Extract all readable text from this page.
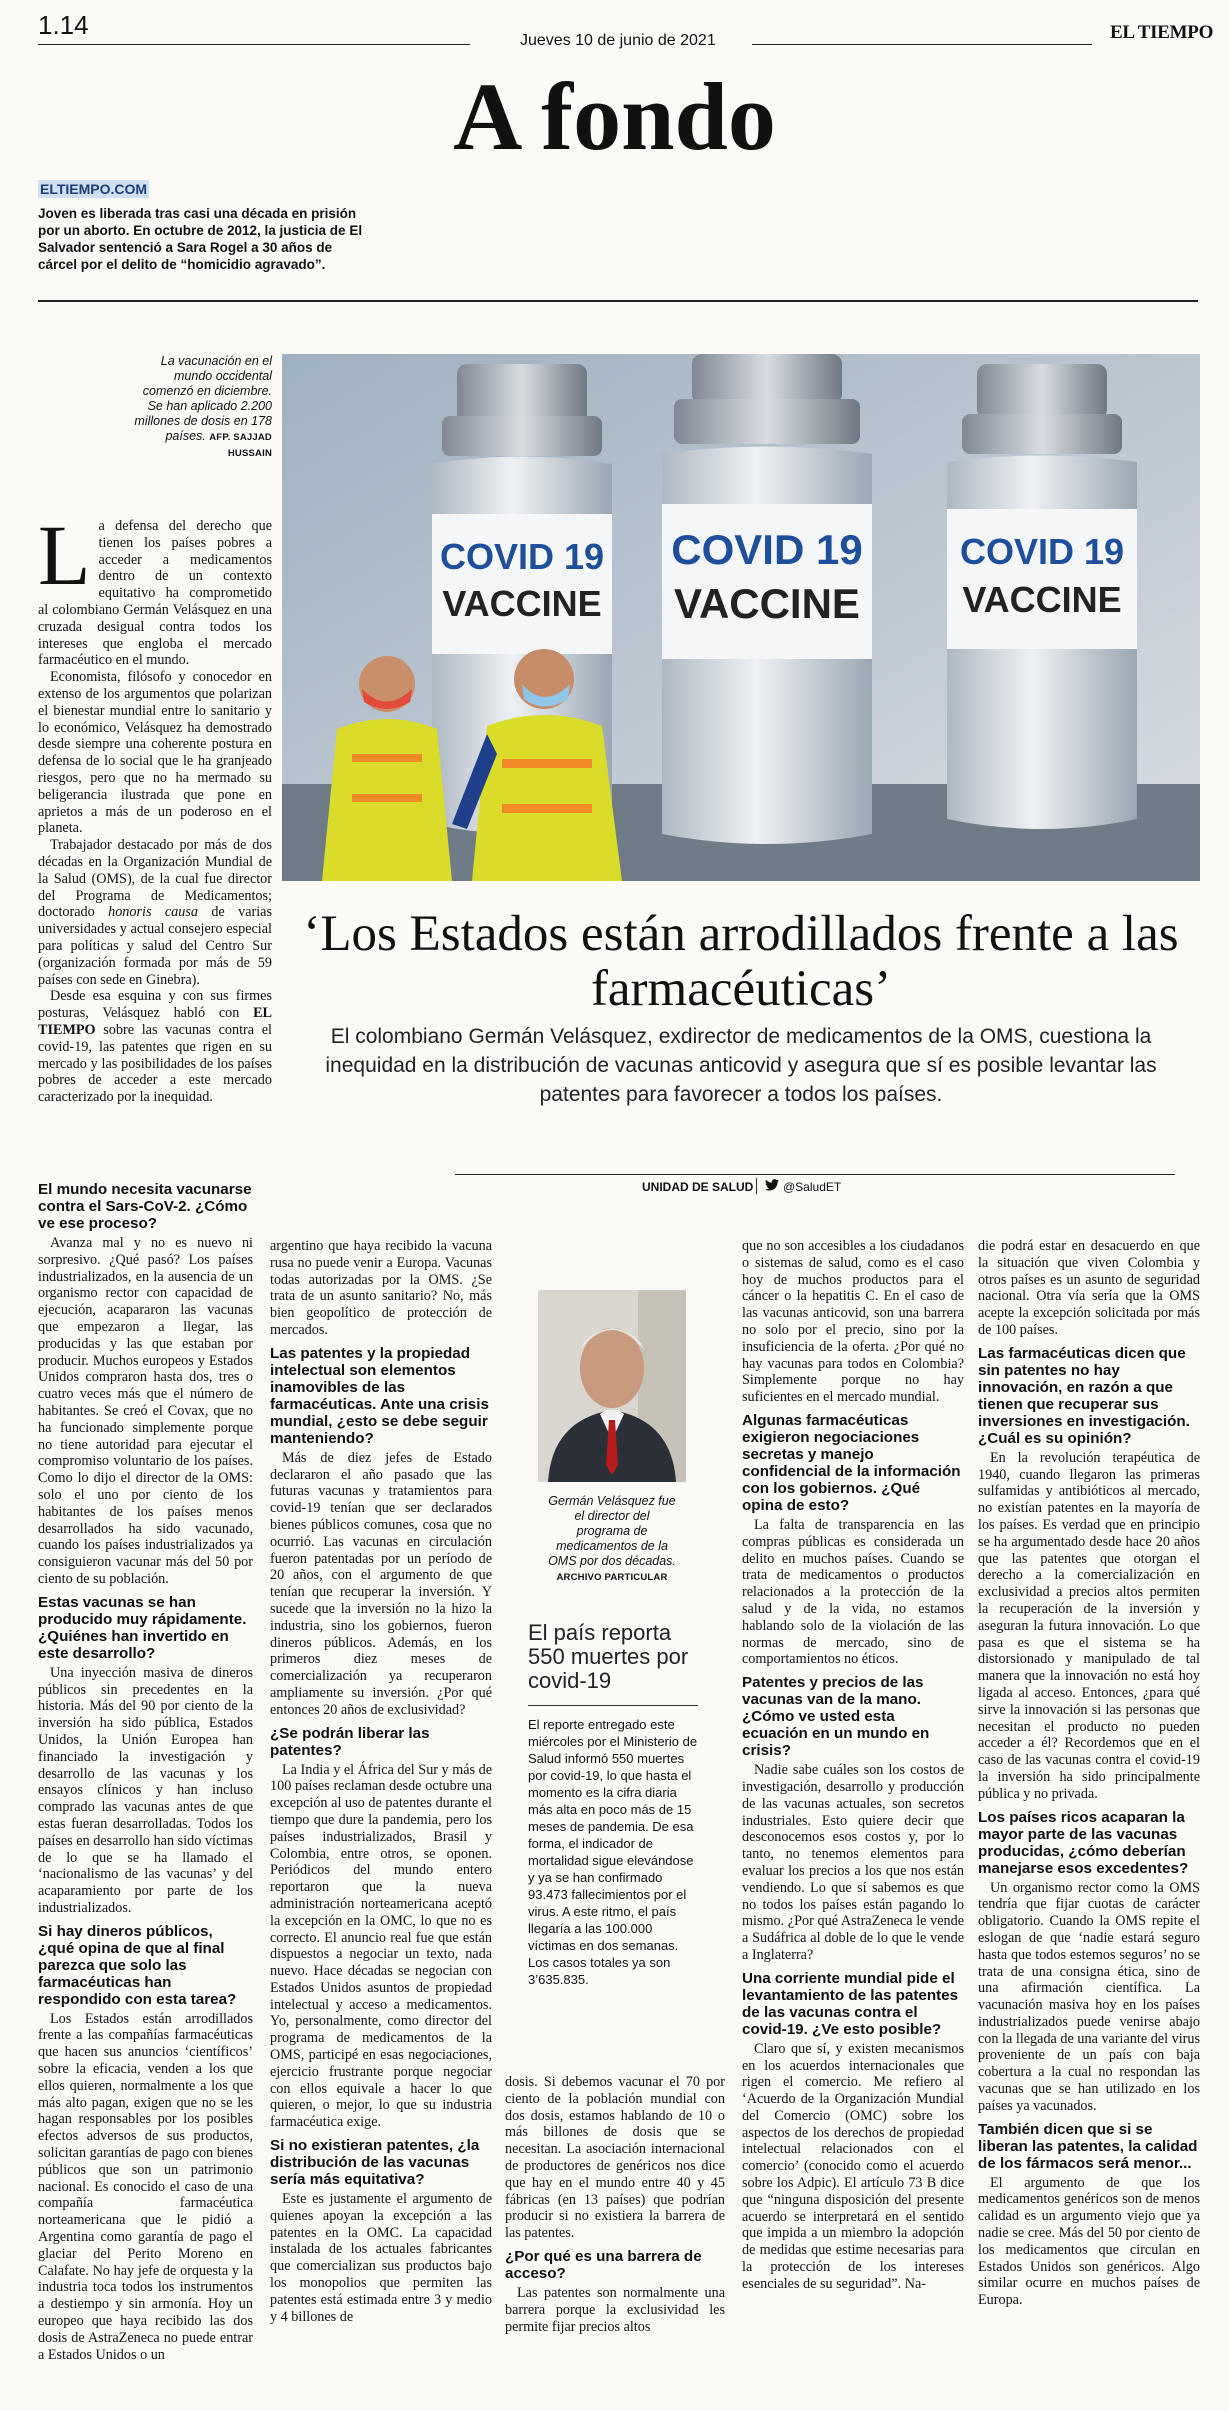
1.14
Jueves 10 de junio de 2021	EL TIEMPO
A fondo
ELTIEMPO.COM
Joven es liberada tras casi una década en prisión por un aborto. En octubre de 2012, la justicia de El Salvador sentenció a Sara Rogel a 30 años de cárcel por el delito de “homicidio agravado”.
La vacunación en el mundo occidental comenzó en diciembre. Se han aplicado 2.200 millones de dosis en 178 países. AFP. SAJJAD HUSSAIN
COVID 19
VACCINE
COVID 19
VACCINE
COVID 19
VACCINE
‘Los Estados están arrodillados frente a las farmacéuticas’
El colombiano Germán Velásquez, exdirector de medicamentos de la OMS, cuestiona la inequidad en la distribución de vacunas anticovid y asegura que sí es posible levantar las patentes para favorecer a todos los países.
UNIDAD DE SALUD	@SaludET

La defensa del derecho que tienen los países pobres a acceder a medicamentos dentro de un contexto equitativo ha comprometido al colombiano Germán Velásquez en una cruzada desigual contra todos los intereses que engloba el mercado farmacéutico en el mundo.

Economista, filósofo y conocedor en extenso de los argumentos que polarizan el bienestar mundial entre lo sanitario y lo económico, Velásquez ha demostrado desde siempre una coherente postura en defensa de lo social que le ha granjeado riesgos, pero que no ha mermado su beligerancia ilustrada que pone en aprietos a más de un poderoso en el planeta.

Trabajador destacado por más de dos décadas en la Organización Mundial de la Salud (OMS), de la cual fue director del Programa de Medicamentos; doctorado honoris causa de varias universidades y actual consejero especial para políticas y salud del Centro Sur (organización formada por más de 59 países con sede en Ginebra).

Desde esa esquina y con sus firmes posturas, Velásquez habló con EL TIEMPO sobre las vacunas contra el covid-19, las patentes que rigen en su mercado y las posibilidades de los países pobres de acceder a este mercado caracterizado por la inequidad.

El mundo necesita vacunarse contra el Sars-CoV-2. ¿Cómo ve ese proceso?

Avanza mal y no es nuevo ni sorpresivo. ¿Qué pasó? Los países industrializados, en la ausencia de un organismo rector con capacidad de ejecución, acapararon las vacunas que empezaron a llegar, las producidas y las que estaban por producir. Muchos europeos y Estados Unidos compraron hasta dos, tres o cuatro veces más que el número de habitantes. Se creó el Covax, que no ha funcionado simplemente porque no tiene autoridad para ejecutar el compromiso voluntario de los países. Como lo dijo el director de la OMS: solo el uno por ciento de los habitantes de los países menos desarrollados ha sido vacunado, cuando los países industrializados ya consiguieron vacunar más del 50 por ciento de su población.

Estas vacunas se han producido muy rápidamente. ¿Quiénes han invertido en este desarrollo?

Una inyección masiva de dineros públicos sin precedentes en la historia. Más del 90 por ciento de la inversión ha sido pública, Estados Unidos, la Unión Europea han financiado la investigación y desarrollo de las vacunas y los ensayos clínicos y han incluso comprado las vacunas antes de que estas fueran desarrolladas. Todos los países en desarrollo han sido víctimas de lo que se ha llamado el ‘nacionalismo de las vacunas’ y del acaparamiento por parte de los industrializados.

Si hay dineros públicos, ¿qué opina de que al final parezca que solo las farmacéuticas han respondido con esta tarea?

Los Estados están arrodillados frente a las compañías farmacéuticas que hacen sus anuncios ‘científicos’ sobre la eficacia, venden a los que ellos quieren, normalmente a los que más alto pagan, exigen que no se les hagan responsables por los posibles efectos adversos de sus productos, solicitan garantías de pago con bienes públicos que son un patrimonio nacional. Es conocido el caso de una compañía farmacéutica norteamericana que le pidió a Argentina como garantía de pago el glaciar del Perito Moreno en Calafate. No hay jefe de orquesta y la industria toca todos los instrumentos a destiempo y sin armonía. Hoy un europeo que haya recibido las dos dosis de AstraZeneca no puede entrar a Estados Unidos o un

argentino que haya recibido la vacuna rusa no puede venir a Europa. Vacunas todas autorizadas por la OMS. ¿Se trata de un asunto sanitario? No, más bien geopolítico de protección de mercados.

Las patentes y la propiedad intelectual son elementos inamovibles de las farmacéuticas. Ante una crisis mundial, ¿esto se debe seguir manteniendo?

Más de diez jefes de Estado declararon el año pasado que las futuras vacunas y tratamientos para covid-19 tenían que ser declarados bienes públicos comunes, cosa que no ocurrió. Las vacunas en circulación fueron patentadas por un período de 20 años, con el argumento de que tenían que recuperar la inversión. Y sucede que la inversión no la hizo la industria, sino los gobiernos, fueron dineros públicos. Además, en los primeros diez meses de comercialización ya recuperaron ampliamente su inversión. ¿Por qué entonces 20 años de exclusividad?

¿Se podrán liberar las patentes?

La India y el África del Sur y más de 100 países reclaman desde octubre una excepción al uso de patentes durante el tiempo que dure la pandemia, pero los países industrializados, Brasil y Colombia, entre otros, se oponen. Periódicos del mundo entero reportaron que la nueva administración norteamericana aceptó la excepción en la OMC, lo que no es correcto. El anuncio real fue que están dispuestos a negociar un texto, nada nuevo. Hace décadas se negocian con Estados Unidos asuntos de propiedad intelectual y acceso a medicamentos. Yo, personalmente, como director del programa de medicamentos de la OMS, participé en esas negociaciones, ejercicio frustrante porque negociar con ellos equivale a hacer lo que quieren, o mejor, lo que su industria farmacéutica exige.

Si no existieran patentes, ¿la distribución de las vacunas sería más equitativa?

Este es justamente el argumento de quienes apoyan la excepción a las patentes en la OMC. La capacidad instalada de los actuales fabricantes que comercializan sus productos bajo los monopolios que permiten las patentes está estimada entre 3 y medio y 4 billones de

Germán Velásquez fue el director del programa de medicamentos de la OMS por dos décadas.
ARCHIVO PARTICULAR
El país reporta 550 muertes por covid-19
El reporte entregado este miércoles por el Ministerio de Salud informó 550 muertes por covid-19, lo que hasta el momento es la cifra diaria más alta en poco más de 15 meses de pandemia. De esa forma, el indicador de mortalidad sigue elevándose y ya se han confirmado 93.473 fallecimientos por el virus. A este ritmo, el país llegaría a las 100.000 víctimas en dos semanas. Los casos totales ya son 3’635.835.

dosis. Si debemos vacunar el 70 por ciento de la población mundial con dos dosis, estamos hablando de 10 o más billones de dosis que se necesitan. La asociación internacional de productores de genéricos nos dice que hay en el mundo entre 40 y 45 fábricas (en 13 países) que podrían producir si no existiera la barrera de las patentes.

¿Por qué es una barrera de acceso?

Las patentes son normalmente una barrera porque la exclusividad les permite fijar precios altos

que no son accesibles a los ciudadanos o sistemas de salud, como es el caso hoy de muchos productos para el cáncer o la hepatitis C. En el caso de las vacunas anticovid, son una barrera no solo por el precio, sino por la insuficiencia de la oferta. ¿Por qué no hay vacunas para todos en Colombia? Simplemente porque no hay suficientes en el mercado mundial.

Algunas farmacéuticas exigieron negociaciones secretas y manejo confidencial de la información con los gobiernos. ¿Qué opina de esto?

La falta de transparencia en las compras públicas es considerada un delito en muchos países. Cuando se trata de medicamentos o productos relacionados a la protección de la salud y de la vida, no estamos hablando solo de la violación de las normas de mercado, sino de comportamientos no éticos.

Patentes y precios de las vacunas van de la mano. ¿Cómo ve usted esta ecuación en un mundo en crisis?

Nadie sabe cuáles son los costos de investigación, desarrollo y producción de las vacunas actuales, son secretos industriales. Esto quiere decir que desconocemos esos costos y, por lo tanto, no tenemos elementos para evaluar los precios a los que nos están vendiendo. Lo que sí sabemos es que no todos los países están pagando lo mismo. ¿Por qué AstraZeneca le vende a Sudáfrica al doble de lo que le vende a Inglaterra?

Una corriente mundial pide el levantamiento de las patentes de las vacunas contra el covid-19. ¿Ve esto posible?

Claro que sí, y existen mecanismos en los acuerdos internacionales que rigen el comercio. Me refiero al ‘Acuerdo de la Organización Mundial del Comercio (OMC) sobre los aspectos de los derechos de propiedad intelectual relacionados con el comercio’ (conocido como el acuerdo sobre los Adpic). El artículo 73 B dice que “ninguna disposición del presente acuerdo se interpretará en el sentido que impida a un miembro la adopción de medidas que estime necesarias para la protección de los intereses esenciales de su seguridad”. Na-

die podrá estar en desacuerdo en que la situación que viven Colombia y otros países es un asunto de seguridad nacional. Otra vía sería que la OMS acepte la excepción solicitada por más de 100 países.

Las farmacéuticas dicen que sin patentes no hay innovación, en razón a que tienen que recuperar sus inversiones en investigación. ¿Cuál es su opinión?

En la revolución terapéutica de 1940, cuando llegaron las primeras sulfamidas y antibióticos al mercado, no existían patentes en la mayoría de los países. Es verdad que en principio se ha argumentado desde hace 20 años que las patentes que otorgan el derecho a la comercialización en exclusividad a precios altos permiten la recuperación de la inversión y aseguran la futura innovación. Lo que pasa es que el sistema se ha distorsionado y manipulado de tal manera que la innovación no está hoy ligada al acceso. Entonces, ¿para qué sirve la innovación si las personas que necesitan el producto no pueden acceder a él? Recordemos que en el caso de las vacunas contra el covid-19 la inversión ha sido principalmente pública y no privada.

Los países ricos acaparan la mayor parte de las vacunas producidas, ¿cómo deberían manejarse esos excedentes?

Un organismo rector como la OMS tendría que fijar cuotas de carácter obligatorio. Cuando la OMS repite el eslogan de que ‘nadie estará seguro hasta que todos estemos seguros’ no se trata de una consigna ética, sino de una afirmación científica. La vacunación masiva hoy en los países industrializados puede venirse abajo con la llegada de una variante del virus proveniente de un país con baja cobertura a la cual no respondan las vacunas que se han utilizado en los países ya vacunados.

También dicen que si se liberan las patentes, la calidad de los fármacos será menor...

El argumento de que los medicamentos genéricos son de menos calidad es un argumento viejo que ya nadie se cree. Más del 50 por ciento de los medicamentos que circulan en Estados Unidos son genéricos. Algo similar ocurre en muchos países de Europa.
